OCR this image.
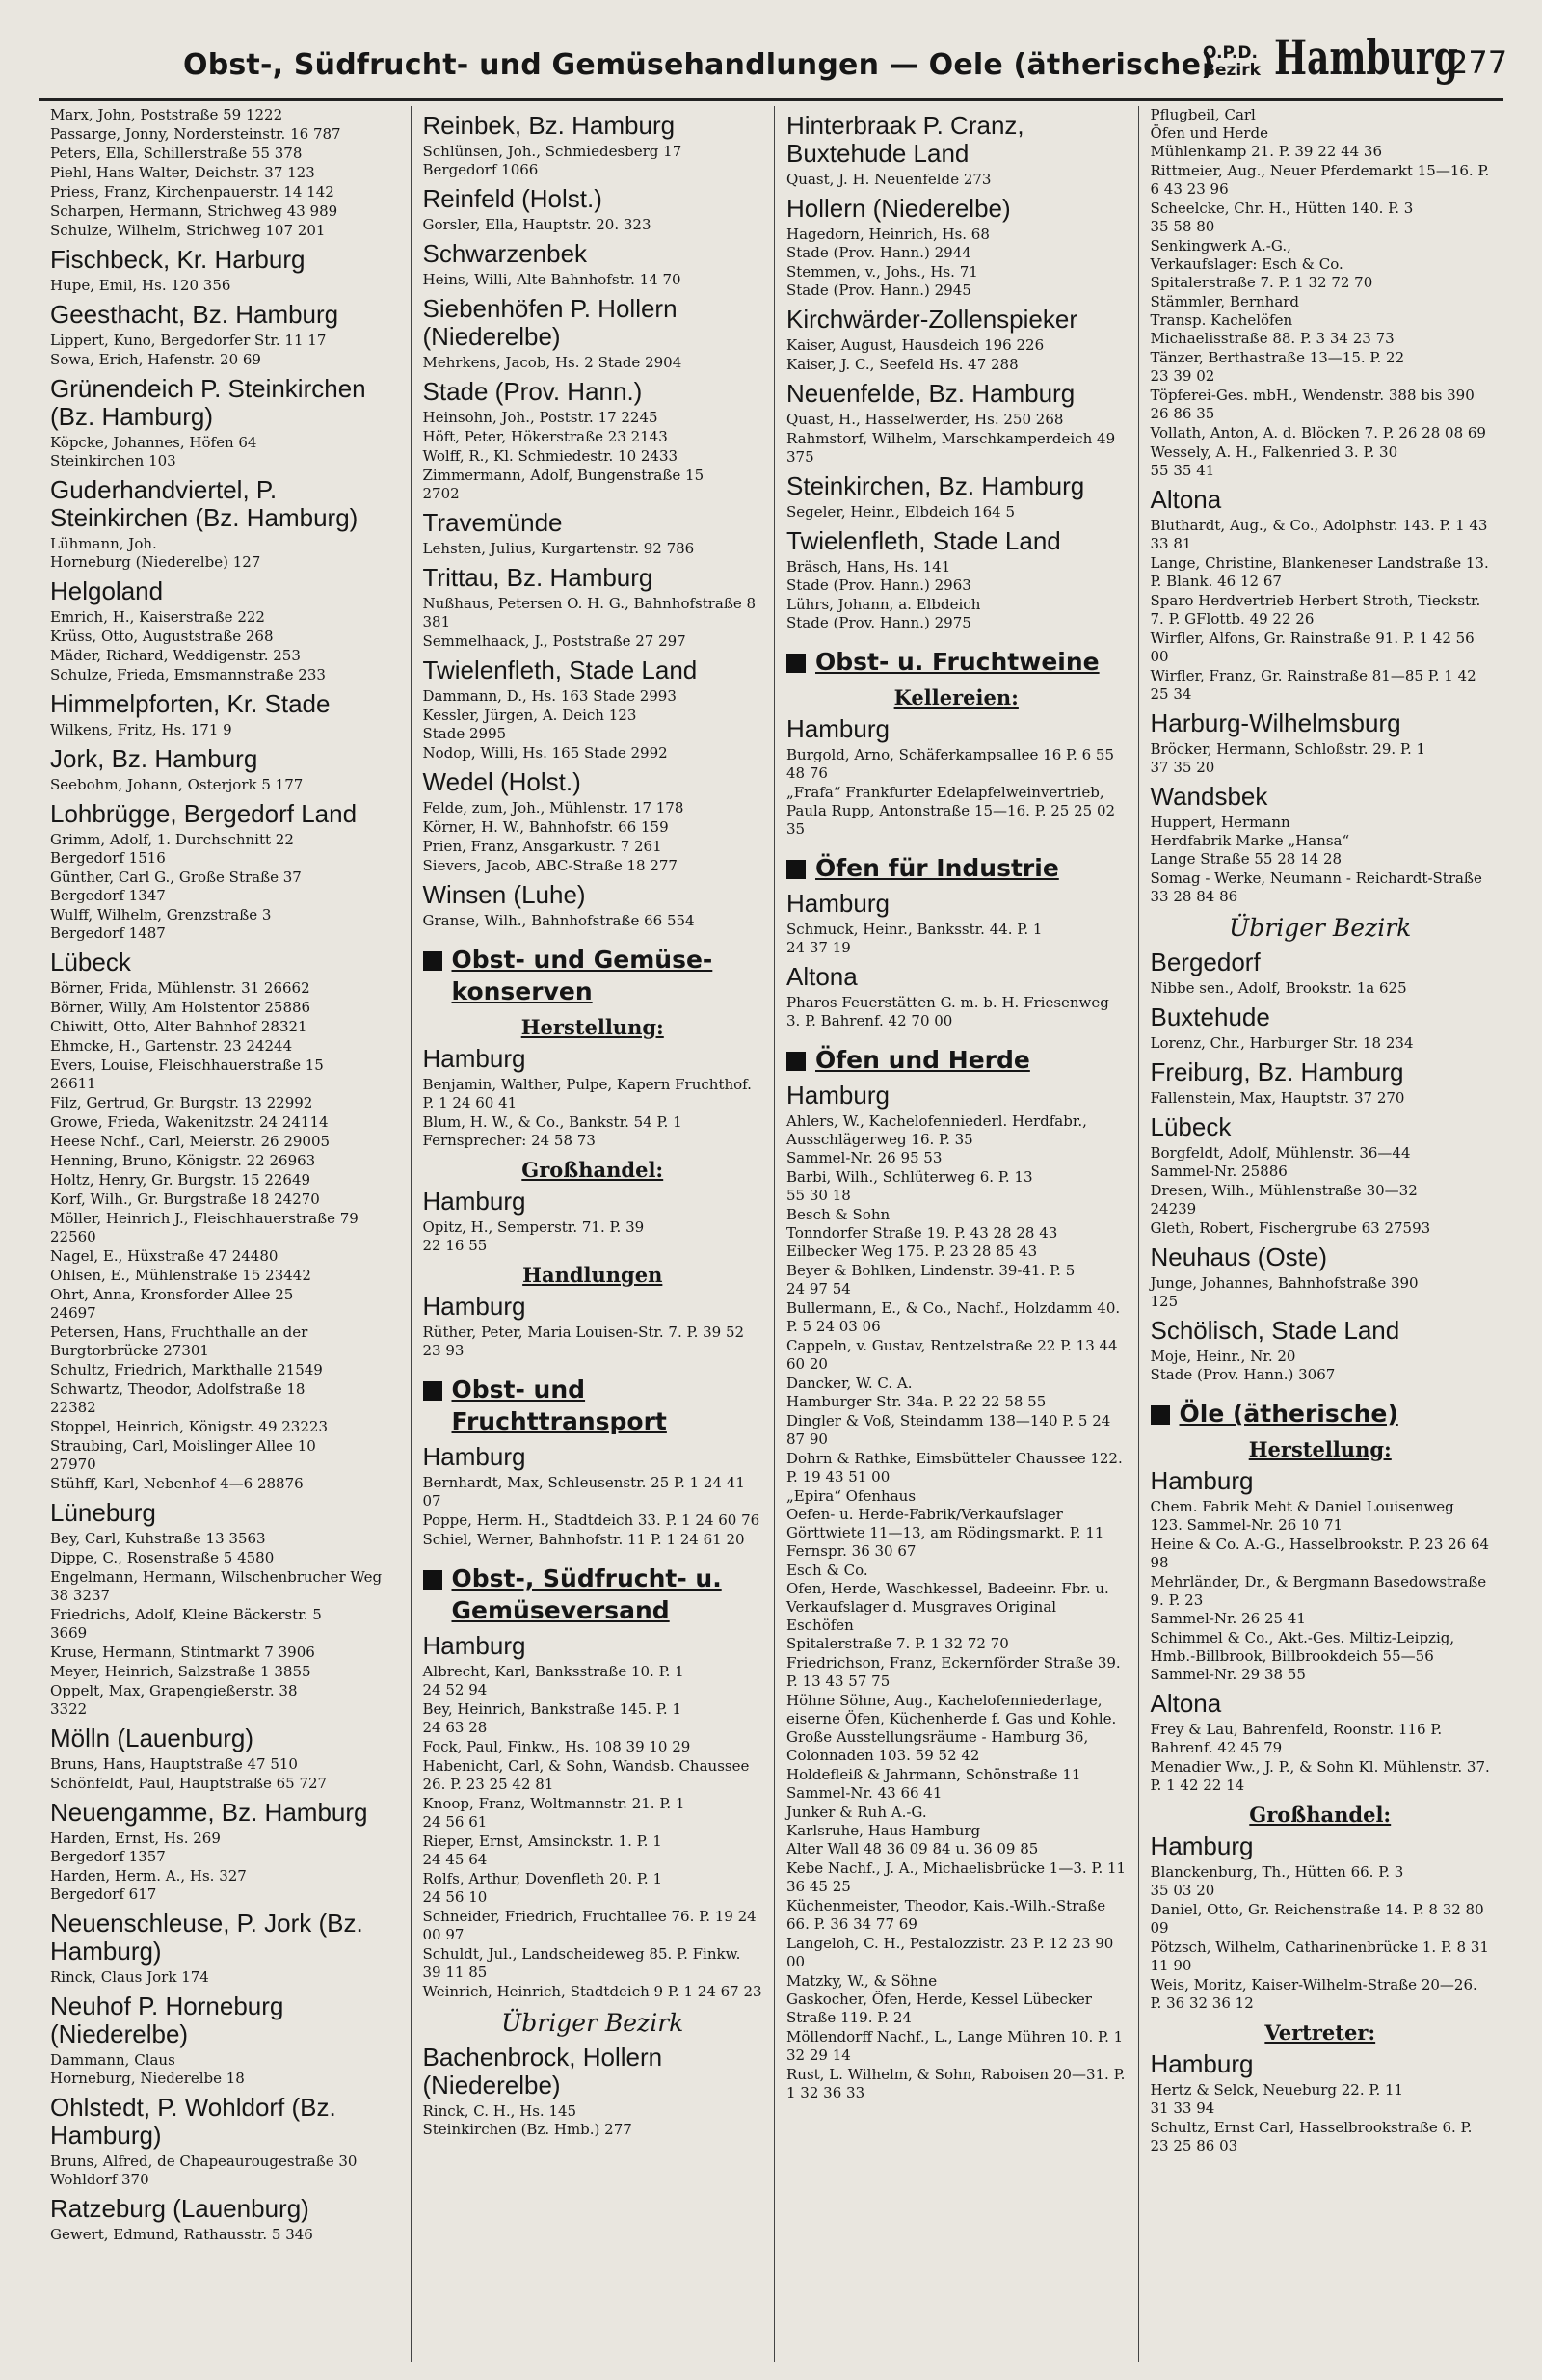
Obst-, Südfrucht- und Gemüsehandlungen — Oele (ätherische)
O.P.D.
Bezirk Hamburg
277
Marx, John, Poststraße 59 1222
Passarge, Jonny, Nordersteinstr. 16 787
Peters, Ella, Schillerstraße 55 378
Piehl, Hans Walter, Deichstr. 37 123
Priess, Franz, Kirchenpauerstr. 14 142
Scharpen, Hermann, Strichweg 43 989
Schulze, Wilhelm, Strichweg 107 201
Fischbeck, Kr. Harburg
Hupe, Emil, Hs. 120 356
Geesthacht, Bz. Hamburg
Lippert, Kuno, Bergedorfer Str. 11 17
Sowa, Erich, Hafenstr. 20 69
Grünendeich P. Steinkirchen (Bz. Hamburg)
Köpcke, Johannes, Höfen 64
Steinkirchen 103
Guderhandviertel, P. Steinkirchen (Bz. Hamburg)
Lühmann, Joh.
Horneburg (Niederelbe) 127
Helgoland
Emrich, H., Kaiserstraße 222
Krüss, Otto, Auguststraße 268
Mäder, Richard, Weddigenstr. 253
Schulze, Frieda, Emsmannstraße 233
Himmelpforten, Kr. Stade
Wilkens, Fritz, Hs. 171 9
Jork, Bz. Hamburg
Seebohm, Johann, Osterjork 5 177
Lohbrügge, Bergedorf Land
Grimm, Adolf, 1. Durchschnitt 22
Bergedorf 1516
Günther, Carl G., Große Straße 37
Bergedorf 1347
Wulff, Wilhelm, Grenzstraße 3
Bergedorf 1487
Lübeck
Börner, Frida, Mühlenstr. 31 26662
Börner, Willy, Am Holstentor 25886
Chiwitt, Otto, Alter Bahnhof 28321
Ehmcke, H., Gartenstr. 23 24244
Evers, Louise, Fleischhauerstraße 15
26611
Filz, Gertrud, Gr. Burgstr. 13 22992
Growe, Frieda, Wakenitzstr. 24 24114
Heese Nchf., Carl, Meierstr. 26 29005
Henning, Bruno, Königstr. 22 26963
Holtz, Henry, Gr. Burgstr. 15 22649
Korf, Wilh., Gr. Burgstraße 18 24270
Möller, Heinrich J., Fleischhauerstraße 79 22560
Nagel, E., Hüxstraße 47 24480
Ohlsen, E., Mühlenstraße 15 23442
Ohrt, Anna, Kronsforder Allee 25
24697
Petersen, Hans, Fruchthalle an der Burgtorbrücke 27301
Schultz, Friedrich, Markthalle 21549
Schwartz, Theodor, Adolfstraße 18
22382
Stoppel, Heinrich, Königstr. 49 23223
Straubing, Carl, Moislinger Allee 10
27970
Stühff, Karl, Nebenhof 4—6 28876
Lüneburg
Bey, Carl, Kuhstraße 13 3563
Dippe, C., Rosenstraße 5 4580
Engelmann, Hermann, Wilschenbrucher Weg 38 3237
Friedrichs, Adolf, Kleine Bäckerstr. 5
3669
Kruse, Hermann, Stintmarkt 7 3906
Meyer, Heinrich, Salzstraße 1 3855
Oppelt, Max, Grapengießerstr. 38
3322
Mölln (Lauenburg)
Bruns, Hans, Hauptstraße 47 510
Schönfeldt, Paul, Hauptstraße 65 727
Neuengamme, Bz. Hamburg
Harden, Ernst, Hs. 269
Bergedorf 1357
Harden, Herm. A., Hs. 327
Bergedorf 617
Neuenschleuse, P. Jork (Bz. Hamburg)
Rinck, Claus Jork 174
Neuhof P. Horneburg (Niederelbe)
Dammann, Claus
Horneburg, Niederelbe 18
Ohlstedt, P. Wohldorf (Bz. Hamburg)
Bruns, Alfred, de Chapeaurougestraße 30 Wohldorf 370
Ratzeburg (Lauenburg)
Gewert, Edmund, Rathausstr. 5 346
Reinbek, Bz. Hamburg
Schlünsen, Joh., Schmiedesberg 17
Bergedorf 1066
Reinfeld (Holst.)
Gorsler, Ella, Hauptstr. 20. 323
Schwarzenbek
Heins, Willi, Alte Bahnhofstr. 14 70
Siebenhöfen P. Hollern (Niederelbe)
Mehrkens, Jacob, Hs. 2 Stade 2904
Stade (Prov. Hann.)
Heinsohn, Joh., Poststr. 17 2245
Höft, Peter, Hökerstraße 23 2143
Wolff, R., Kl. Schmiedestr. 10 2433
Zimmermann, Adolf, Bungenstraße 15
2702
Travemünde
Lehsten, Julius, Kurgartenstr. 92 786
Trittau, Bz. Hamburg
Nußhaus, Petersen O. H. G., Bahnhofstraße 8 381
Semmelhaack, J., Poststraße 27 297
Twielenfleth, Stade Land
Dammann, D., Hs. 163 Stade 2993
Kessler, Jürgen, A. Deich 123
Stade 2995
Nodop, Willi, Hs. 165 Stade 2992
Wedel (Holst.)
Felde, zum, Joh., Mühlenstr. 17 178
Körner, H. W., Bahnhofstr. 66 159
Prien, Franz, Ansgarkustr. 7 261
Sievers, Jacob, ABC-Straße 18 277
Winsen (Luhe)
Granse, Wilh., Bahnhofstraße 66 554
Obst- und Gemüse-
konserven
Herstellung:
Hamburg
Benjamin, Walther, Pulpe, Kapern Fruchthof. P. 1 24 60 41
Blum, H. W., & Co., Bankstr. 54 P. 1 Fernsprecher: 24 58 73
Großhandel:
Hamburg
Opitz, H., Semperstr. 71. P. 39
22 16 55
Handlungen
Hamburg
Rüther, Peter, Maria Louisen-Str. 7. P. 39 52 23 93
Obst- und
Fruchttransport
Hamburg
Bernhardt, Max, Schleusenstr. 25 P. 1 24 41 07
Poppe, Herm. H., Stadtdeich 33. P. 1 24 60 76
Schiel, Werner, Bahnhofstr. 11 P. 1 24 61 20
Obst-, Südfrucht- u.
Gemüseversand
Hamburg
Albrecht, Karl, Banksstraße 10. P. 1
24 52 94
Bey, Heinrich, Bankstraße 145. P. 1
24 63 28
Fock, Paul, Finkw., Hs. 108 39 10 29
Habenicht, Carl, & Sohn, Wandsb. Chaussee 26. P. 23 25 42 81
Knoop, Franz, Woltmannstr. 21. P. 1
24 56 61
Rieper, Ernst, Amsinckstr. 1. P. 1
24 45 64
Rolfs, Arthur, Dovenfleth 20. P. 1
24 56 10
Schneider, Friedrich, Fruchtallee 76. P. 19 24 00 97
Schuldt, Jul., Landscheideweg 85. P. Finkw. 39 11 85
Weinrich, Heinrich, Stadtdeich 9 P. 1 24 67 23
Übriger Bezirk
Bachenbrock, Hollern (Niederelbe)
Rinck, C. H., Hs. 145
Steinkirchen (Bz. Hmb.) 277
Hinterbraak P. Cranz, Buxtehude Land
Quast, J. H. Neuenfelde 273
Hollern (Niederelbe)
Hagedorn, Heinrich, Hs. 68
Stade (Prov. Hann.) 2944
Stemmen, v., Johs., Hs. 71
Stade (Prov. Hann.) 2945
Kirchwärder-Zollenspieker
Kaiser, August, Hausdeich 196 226
Kaiser, J. C., Seefeld Hs. 47 288
Neuenfelde, Bz. Hamburg
Quast, H., Hasselwerder, Hs. 250 268
Rahmstorf, Wilhelm, Marschkamperdeich 49 375
Steinkirchen, Bz. Hamburg
Segeler, Heinr., Elbdeich 164 5
Twielenfleth, Stade Land
Bräsch, Hans, Hs. 141
Stade (Prov. Hann.) 2963
Lührs, Johann, a. Elbdeich
Stade (Prov. Hann.) 2975
Obst- u. Fruchtweine
Kellereien:
Hamburg
Burgold, Arno, Schäferkampsallee 16 P. 6 55 48 76
„Frafa“ Frankfurter Edelapfelweinvertrieb, Paula Rupp, Antonstraße 15—16. P. 25 25 02 35
Öfen für Industrie
Hamburg
Schmuck, Heinr., Banksstr. 44. P. 1
24 37 19
Altona
Pharos Feuerstätten G. m. b. H. Friesenweg 3. P. Bahrenf. 42 70 00
Öfen und Herde
Hamburg
Ahlers, W., Kachelofenniederl. Herdfabr., Ausschlägerweg 16. P. 35
Sammel-Nr. 26 95 53
Barbi, Wilh., Schlüterweg 6. P. 13
55 30 18
Besch & Sohn
Tonndorfer Straße 19. P. 43 28 28 43
Eilbecker Weg 175. P. 23 28 85 43
Beyer & Bohlken, Lindenstr. 39-41. P. 5
24 97 54
Bullermann, E., & Co., Nachf., Holzdamm 40. P. 5 24 03 06
Cappeln, v. Gustav, Rentzelstraße 22 P. 13 44 60 20
Dancker, W. C. A.
Hamburger Str. 34a. P. 22 22 58 55
Dingler & Voß, Steindamm 138—140 P. 5 24 87 90
Dohrn & Rathke, Eimsbütteler Chaussee 122. P. 19 43 51 00
„Epira“ Ofenhaus
Oefen- u. Herde-Fabrik/Verkaufslager Görttwiete 11—13, am Rödingsmarkt. P. 11 Fernspr. 36 30 67
Esch & Co.
Ofen, Herde, Waschkessel, Badeeinr. Fbr. u. Verkaufslager d. Musgraves Original Eschöfen
Spitalerstraße 7. P. 1 32 72 70
Friedrichson, Franz, Eckernförder Straße 39. P. 13 43 57 75
Höhne Söhne, Aug., Kachelofenniederlage, eiserne Öfen, Küchenherde f. Gas und Kohle. Große Ausstellungsräume - Hamburg 36, Colonnaden 103. 59 52 42
Holdefleiß & Jahrmann, Schönstraße 11 Sammel-Nr. 43 66 41
Junker & Ruh A.-G.
Karlsruhe, Haus Hamburg
Alter Wall 48 36 09 84 u. 36 09 85
Kebe Nachf., J. A., Michaelisbrücke 1—3. P. 11 36 45 25
Küchenmeister, Theodor, Kais.-Wilh.-Straße 66. P. 36 34 77 69
Langeloh, C. H., Pestalozzistr. 23 P. 12 23 90 00
Matzky, W., & Söhne
Gaskocher, Öfen, Herde, Kessel Lübecker Straße 119. P. 24
Möllendorff Nachf., L., Lange Mühren 10. P. 1 32 29 14
Rust, L. Wilhelm, & Sohn, Raboisen 20—31. P. 1 32 36 33
Pflugbeil, Carl
Öfen und Herde
Mühlenkamp 21. P. 39 22 44 36
Rittmeier, Aug., Neuer Pferdemarkt 15—16. P. 6 43 23 96
Scheelcke, Chr. H., Hütten 140. P. 3
35 58 80
Senkingwerk A.-G.,
Verkaufslager: Esch & Co.
Spitalerstraße 7. P. 1 32 72 70
Stämmler, Bernhard
Transp. Kachelöfen
Michaelisstraße 88. P. 3 34 23 73
Tänzer, Berthastraße 13—15. P. 22
23 39 02
Töpferei-Ges. mbH., Wendenstr. 388 bis 390 26 86 35
Vollath, Anton, A. d. Blöcken 7. P. 26 28 08 69
Wessely, A. H., Falkenried 3. P. 30
55 35 41
Altona
Bluthardt, Aug., & Co., Adolphstr. 143. P. 1 43 33 81
Lange, Christine, Blankeneser Landstraße 13. P. Blank. 46 12 67
Sparo Herdvertrieb Herbert Stroth, Tieckstr. 7. P. GFlottb. 49 22 26
Wirfler, Alfons, Gr. Rainstraße 91. P. 1 42 56 00
Wirfler, Franz, Gr. Rainstraße 81—85 P. 1 42 25 34
Harburg-Wilhelmsburg
Bröcker, Hermann, Schloßstr. 29. P. 1
37 35 20
Wandsbek
Huppert, Hermann
Herdfabrik Marke „Hansa“
Lange Straße 55 28 14 28
Somag - Werke, Neumann - Reichardt-Straße 33 28 84 86
Übriger Bezirk
Bergedorf
Nibbe sen., Adolf, Brookstr. 1a 625
Buxtehude
Lorenz, Chr., Harburger Str. 18 234
Freiburg, Bz. Hamburg
Fallenstein, Max, Hauptstr. 37 270
Lübeck
Borgfeldt, Adolf, Mühlenstr. 36—44
Sammel-Nr. 25886
Dresen, Wilh., Mühlenstraße 30—32
24239
Gleth, Robert, Fischergrube 63 27593
Neuhaus (Oste)
Junge, Johannes, Bahnhofstraße 390
125
Schölisch, Stade Land
Moje, Heinr., Nr. 20
Stade (Prov. Hann.) 3067
Öle (ätherische)
Herstellung:
Hamburg
Chem. Fabrik Meht & Daniel Louisenweg 123. Sammel-Nr. 26 10 71
Heine & Co. A.-G., Hasselbrookstr. P. 23 26 64 98
Mehrländer, Dr., & Bergmann Basedowstraße 9. P. 23
Sammel-Nr. 26 25 41
Schimmel & Co., Akt.-Ges. Miltiz-Leipzig, Hmb.-Billbrook, Billbrookdeich 55—56 Sammel-Nr. 29 38 55
Altona
Frey & Lau, Bahrenfeld, Roonstr. 116 P. Bahrenf. 42 45 79
Menadier Ww., J. P., & Sohn Kl. Mühlenstr. 37. P. 1 42 22 14
Großhandel:
Hamburg
Blanckenburg, Th., Hütten 66. P. 3
35 03 20
Daniel, Otto, Gr. Reichenstraße 14. P. 8 32 80 09
Pötzsch, Wilhelm, Catharinenbrücke 1. P. 8 31 11 90
Weis, Moritz, Kaiser-Wilhelm-Straße 20—26. P. 36 32 36 12
Vertreter:
Hamburg
Hertz & Selck, Neueburg 22. P. 11
31 33 94
Schultz, Ernst Carl, Hasselbrookstraße 6. P. 23 25 86 03
